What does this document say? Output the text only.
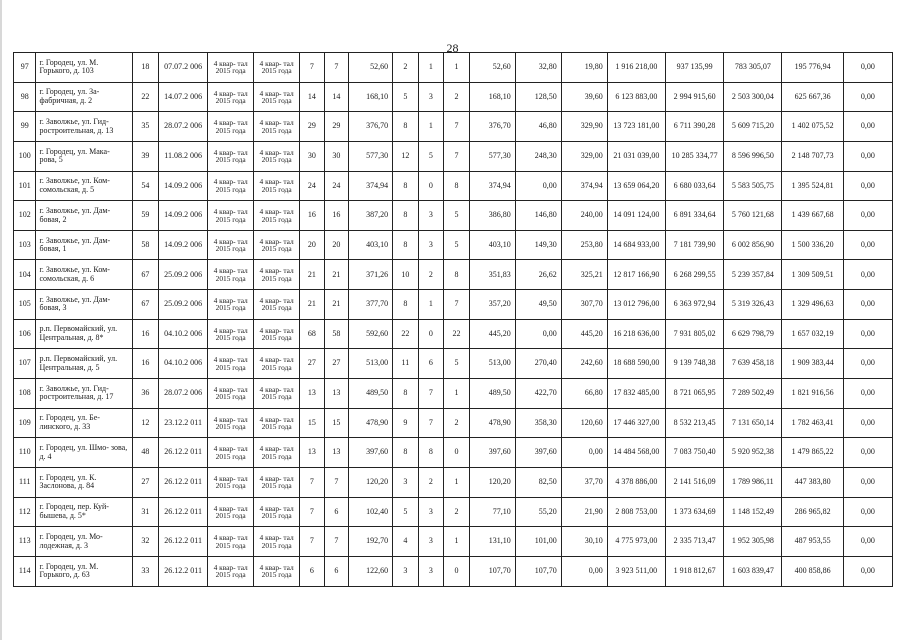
28
97	г. Городец, ул. М. Горького, д. 103	18	07.07.2 006	4 квар- тал 2015 года	4 квар- тал 2015 года	7	7	52,60	2	1	1	52,60	32,80	19,80	1 916 218,00	937 135,99	783 305,07	195 776,94	0,00
98	г. Городец, ул. За- фабричная, д. 2	22	14.07.2 006	4 квар- тал 2015 года	4 квар- тал 2015 года	14	14	168,10	5	3	2	168,10	128,50	39,60	6 123 883,00	2 994 915,60	2 503 300,04	625 667,36	0,00
99	г. Заволжье, ул. Гид- ростроительная, д. 13	35	28.07.2 006	4 квар- тал 2015 года	4 квар- тал 2015 года	29	29	376,70	8	1	7	376,70	46,80	329,90	13 723 181,00	6 711 390,28	5 609 715,20	1 402 075,52	0,00
100	г. Городец, ул. Мака- рова, 5	39	11.08.2 006	4 квар- тал 2015 года	4 квар- тал 2015 года	30	30	577,30	12	5	7	577,30	248,30	329,00	21 031 039,00	10 285 334,77	8 596 996,50	2 148 707,73	0,00
101	г. Заволжье, ул. Ком- сомольская, д. 5	54	14.09.2 006	4 квар- тал 2015 года	4 квар- тал 2015 года	24	24	374,94	8	0	8	374,94	0,00	374,94	13 659 064,20	6 680 033,64	5 583 505,75	1 395 524,81	0,00
102	г. Заволжье, ул. Дам- бовая, 2	59	14.09.2 006	4 квар- тал 2015 года	4 квар- тал 2015 года	16	16	387,20	8	3	5	386,80	146,80	240,00	14 091 124,00	6 891 334,64	5 760 121,68	1 439 667,68	0,00
103	г. Заволжье, ул. Дам- бовая, 1	58	14.09.2 006	4 квар- тал 2015 года	4 квар- тал 2015 года	20	20	403,10	8	3	5	403,10	149,30	253,80	14 684 933,00	7 181 739,90	6 002 856,90	1 500 336,20	0,00
104	г. Заволжье, ул. Ком- сомольская, д. 6	67	25.09.2 006	4 квар- тал 2015 года	4 квар- тал 2015 года	21	21	371,26	10	2	8	351,83	26,62	325,21	12 817 166,90	6 268 299,55	5 239 357,84	1 309 509,51	0,00
105	г. Заволжье, ул. Дам- бовая, 3	67	25.09.2 006	4 квар- тал 2015 года	4 квар- тал 2015 года	21	21	377,70	8	1	7	357,20	49,50	307,70	13 012 796,00	6 363 972,94	5 319 326,43	1 329 496,63	0,00
106	р.п. Первомайский, ул. Центральная, д. 8*	16	04.10.2 006	4 квар- тал 2015 года	4 квар- тал 2015 года	68	58	592,60	22	0	22	445,20	0,00	445,20	16 218 636,00	7 931 805,02	6 629 798,79	1 657 032,19	0,00
107	р.п. Первомайский, ул. Центральная, д. 5	16	04.10.2 006	4 квар- тал 2015 года	4 квар- тал 2015 года	27	27	513,00	11	6	5	513,00	270,40	242,60	18 688 590,00	9 139 748,38	7 639 458,18	1 909 383,44	0,00
108	г. Заволжье, ул. Гид- ростроительная, д. 17	36	28.07.2 006	4 квар- тал 2015 года	4 квар- тал 2015 года	13	13	489,50	8	7	1	489,50	422,70	66,80	17 832 485,00	8 721 065,95	7 289 502,49	1 821 916,56	0,00
109	г. Городец, ул. Бе- линского, д. 33	12	23.12.2 011	4 квар- тал 2015 года	4 квар- тал 2015 года	15	15	478,90	9	7	2	478,90	358,30	120,60	17 446 327,00	8 532 213,45	7 131 650,14	1 782 463,41	0,00
110	г. Городец, ул. Шмо- зова, д. 4	48	26.12.2 011	4 квар- тал 2015 года	4 квар- тал 2015 года	13	13	397,60	8	8	0	397,60	397,60	0,00	14 484 568,00	7 083 750,40	5 920 952,38	1 479 865,22	0,00
111	г. Городец, ул. К. Заслонова, д. 84	27	26.12.2 011	4 квар- тал 2015 года	4 квар- тал 2015 года	7	7	120,20	3	2	1	120,20	82,50	37,70	4 378 886,00	2 141 516,09	1 789 986,11	447 383,80	0,00
112	г. Городец, пер. Куй- бышева, д. 5*	31	26.12.2 011	4 квар- тал 2015 года	4 квар- тал 2015 года	7	6	102,40	5	3	2	77,10	55,20	21,90	2 808 753,00	1 373 634,69	1 148 152,49	286 965,82	0,00
113	г. Городец, ул. Мо- лодежная, д. 3	32	26.12.2 011	4 квар- тал 2015 года	4 квар- тал 2015 года	7	7	192,70	4	3	1	131,10	101,00	30,10	4 775 973,00	2 335 713,47	1 952 305,98	487 953,55	0,00
114	г. Городец, ул. М. Горького, д. 63	33	26.12.2 011	4 квар- тал 2015 года	4 квар- тал 2015 года	6	6	122,60	3	3	0	107,70	107,70	0,00	3 923 511,00	1 918 812,67	1 603 839,47	400 858,86	0,00
